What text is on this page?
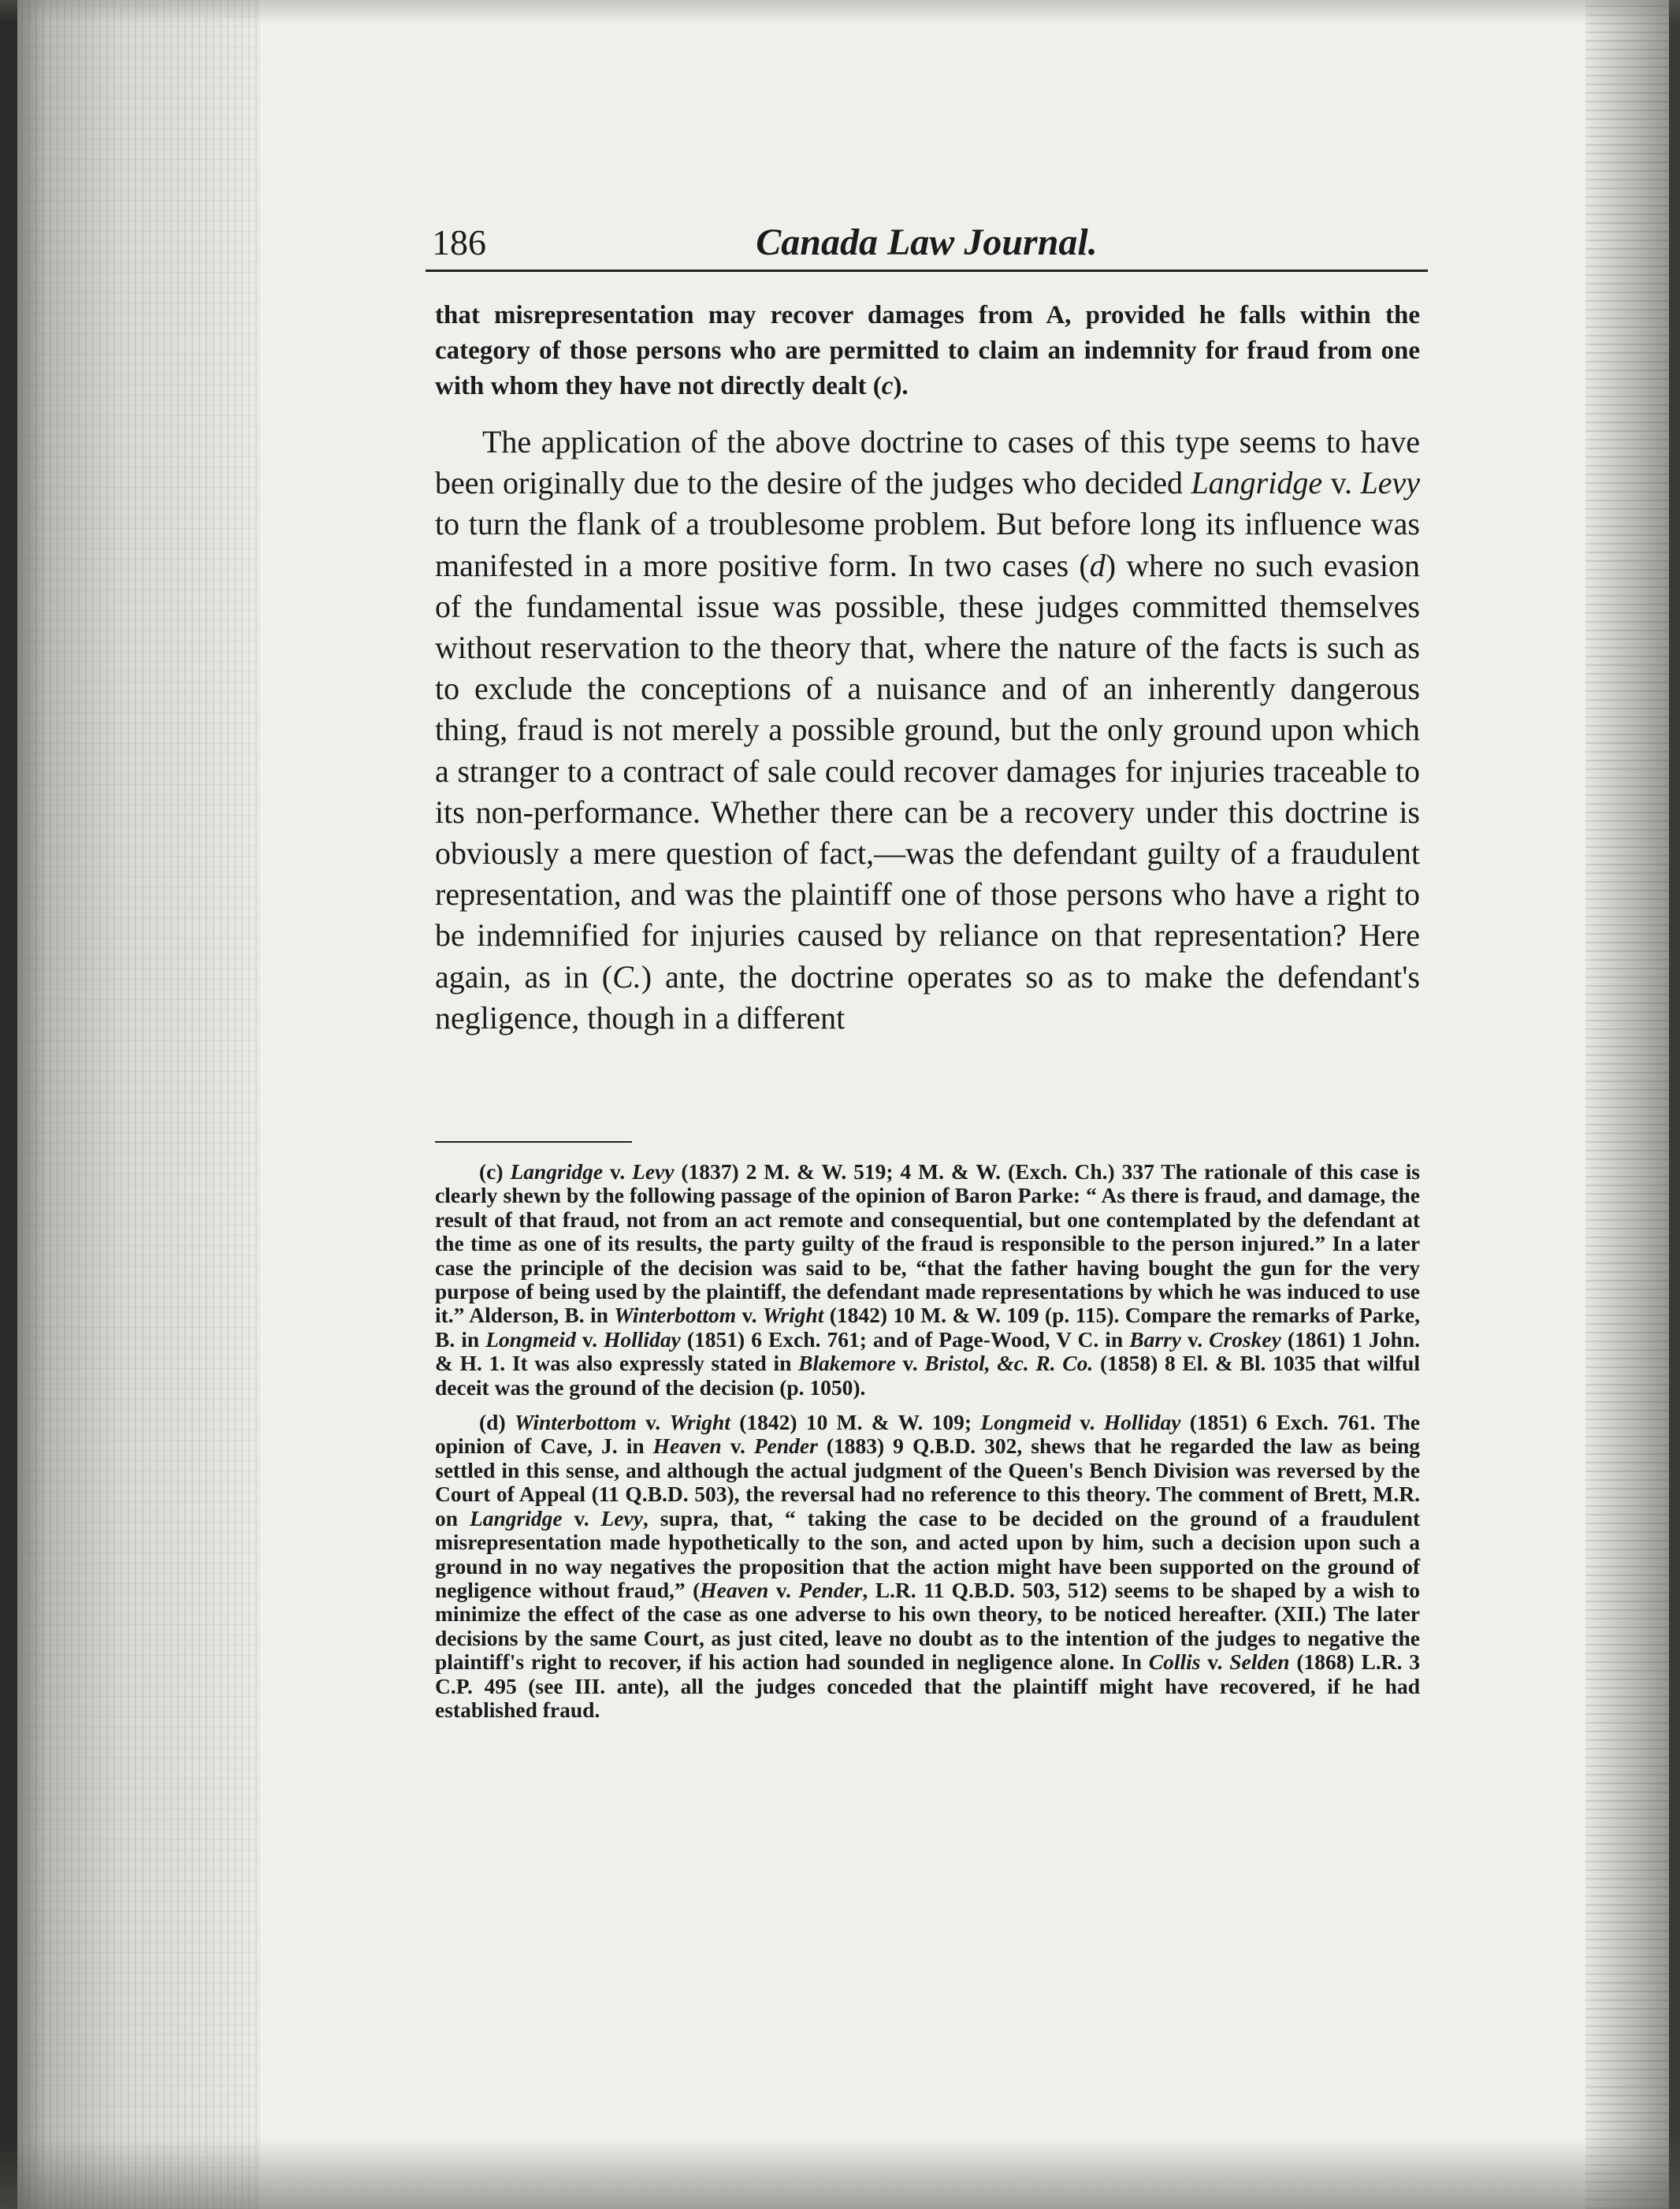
Canada Law Journal.
186

that misrepresentation may recover damages from A, provided he falls within the category of those persons who are permitted to claim an indemnity for fraud from one with whom they have not directly dealt (c).

The application of the above doctrine to cases of this type seems to have been originally due to the desire of the judges who decided Langridge v. Levy to turn the flank of a troublesome problem. But before long its influence was manifested in a more positive form. In two cases (d) where no such evasion of the fundamental issue was possible, these judges committed themselves without reservation to the theory that, where the nature of the facts is such as to exclude the conceptions of a nuisance and of an inherently dangerous thing, fraud is not merely a possible ground, but the only ground upon which a stranger to a contract of sale could recover damages for injuries traceable to its non-performance. Whether there can be a recovery under this doctrine is obviously a mere question of fact,—was the defendant guilty of a fraudulent representation, and was the plaintiff one of those persons who have a right to be indemnified for injuries caused by reliance on that representation? Here again, as in (C.) ante, the doctrine operates so as to make the defendant's negligence, though in a different

(c) Langridge v. Levy (1837) 2 M. & W. 519; 4 M. & W. (Exch. Ch.) 337 The rationale of this case is clearly shewn by the following passage of the opinion of Baron Parke: “ As there is fraud, and damage, the result of that fraud, not from an act remote and consequential, but one contemplated by the defendant at the time as one of its results, the party guilty of the fraud is responsible to the person injured.” In a later case the principle of the decision was said to be, “that the father having bought the gun for the very purpose of being used by the plaintiff, the defendant made representations by which he was induced to use it.” Alderson, B. in Winterbottom v. Wright (1842) 10 M. & W. 109 (p. 115). Compare the remarks of Parke, B. in Longmeid v. Holliday (1851) 6 Exch. 761; and of Page-Wood, V C. in Barry v. Croskey (1861) 1 John. & H. 1. It was also expressly stated in Blakemore v. Bristol, &c. R. Co. (1858) 8 El. & Bl. 1035 that wilful deceit was the ground of the decision (p. 1050).

(d) Winterbottom v. Wright (1842) 10 M. & W. 109; Longmeid v. Holliday (1851) 6 Exch. 761. The opinion of Cave, J. in Heaven v. Pender (1883) 9 Q.B.D. 302, shews that he regarded the law as being settled in this sense, and although the actual judgment of the Queen's Bench Division was reversed by the Court of Appeal (11 Q.B.D. 503), the reversal had no reference to this theory. The comment of Brett, M.R. on Langridge v. Levy, supra, that, “ taking the case to be decided on the ground of a fraudulent misrepresentation made hypothetically to the son, and acted upon by him, such a decision upon such a ground in no way negatives the proposition that the action might have been supported on the ground of negligence without fraud,” (Heaven v. Pender, L.R. 11 Q.B.D. 503, 512) seems to be shaped by a wish to minimize the effect of the case as one adverse to his own theory, to be noticed hereafter. (XII.) The later decisions by the same Court, as just cited, leave no doubt as to the intention of the judges to negative the plaintiff's right to recover, if his action had sounded in negligence alone. In Collis v. Selden (1868) L.R. 3 C.P. 495 (see III. ante), all the judges conceded that the plaintiff might have recovered, if he had established fraud.
